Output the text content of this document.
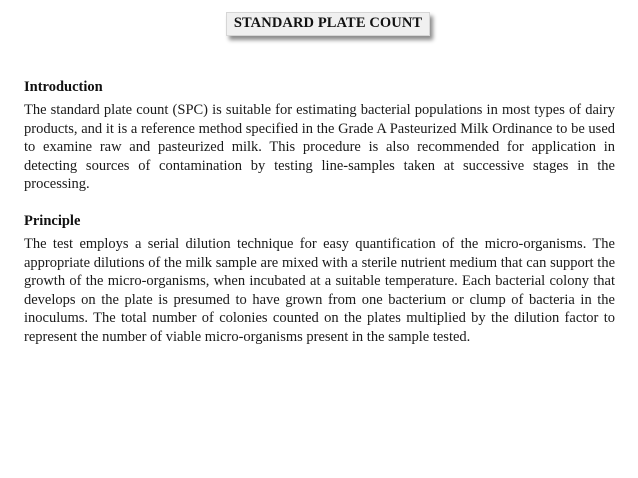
STANDARD PLATE COUNT
Introduction

The standard plate count (SPC) is suitable for estimating bacterial populations in most types of dairy products, and it is a reference method specified in the Grade A Pasteurized Milk Ordinance to be used to examine raw and pasteurized milk. This procedure is also recommended for application in detecting sources of contamination by testing line-samples taken at successive stages in the processing.

Principle

The test employs a serial dilution technique for easy quantification of the micro-organisms. The appropriate dilutions of the milk sample are mixed with a sterile nutrient medium that can support the growth of the micro-organisms, when incubated at a suitable temperature. Each bacterial colony that develops on the plate is presumed to have grown from one bacterium or clump of bacteria in the inoculums. The total number of colonies counted on the plates multiplied by the dilution factor to represent the number of viable micro-organisms present in the sample tested.
